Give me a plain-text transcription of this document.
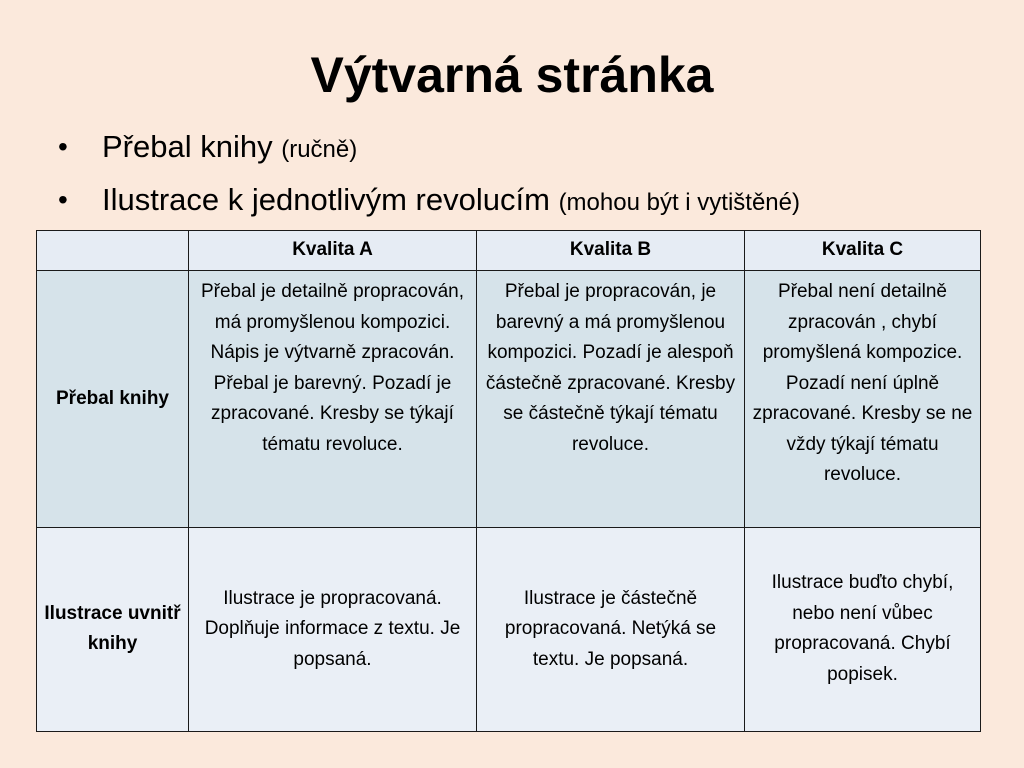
Výtvarná stránka
• Přebal knihy (ručně)
• Ilustrace k jednotlivým revolucím (mohou být i vytištěné)
	Kvalita A	Kvalita B	Kvalita C
Přebal knihy	Přebal je detailně propracován, má promyšlenou kompozici. Nápis je výtvarně zpracován. Přebal je barevný. Pozadí je zpracované. Kresby se týkají tématu revoluce.	Přebal je propracován, je barevný a má promyšlenou kompozici. Pozadí je alespoň částečně zpracované. Kresby se částečně týkají tématu revoluce.	Přebal není detailně zpracován , chybí promyšlená kompozice. Pozadí není úplně zpracované. Kresby se ne vždy týkají tématu revoluce.
Ilustrace uvnitř knihy	Ilustrace je propracovaná. Doplňuje informace z textu. Je popsaná.	Ilustrace je částečně propracovaná. Netýká se textu. Je popsaná.	Ilustrace buďto chybí, nebo není vůbec propracovaná. Chybí popisek.
